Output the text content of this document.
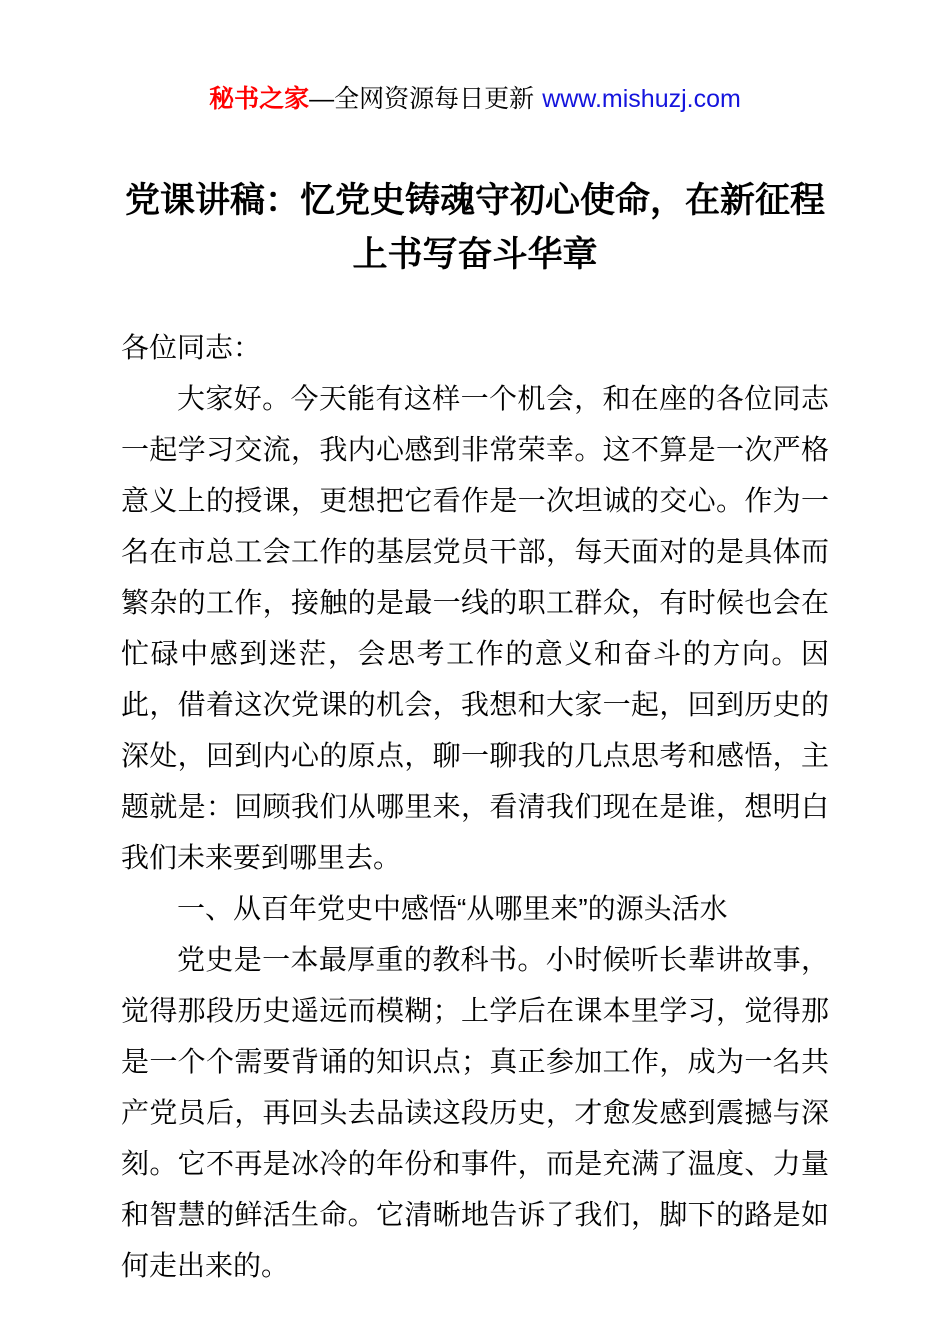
秘书之家—全网资源每日更新 www.mishuzj.com
党课讲稿：忆党史铸魂守初心使命，在新征程上书写奋斗华章

各位同志：

大家好。今天能有这样一个机会，和在座的各位同志一起学习交流，我内心感到非常荣幸。这不算是一次严格意义上的授课，更想把它看作是一次坦诚的交心。作为一名在市总工会工作的基层党员干部，每天面对的是具体而繁杂的工作，接触的是最一线的职工群众，有时候也会在忙碌中感到迷茫，会思考工作的意义和奋斗的方向。因此，借着这次党课的机会，我想和大家一起，回到历史的深处，回到内心的原点，聊一聊我的几点思考和感悟，主题就是：回顾我们从哪里来，看清我们现在是谁，想明白我们未来要到哪里去。

一、从百年党史中感悟“从哪里来”的源头活水

党史是一本最厚重的教科书。小时候听长辈讲故事，觉得那段历史遥远而模糊；上学后在课本里学习，觉得那是一个个需要背诵的知识点；真正参加工作，成为一名共产党员后，再回头去品读这段历史，才愈发感到震撼与深刻。它不再是冰冷的年份和事件，而是充满了温度、力量和智慧的鲜活生命。它清晰地告诉了我们，脚下的路是如何走出来的。
